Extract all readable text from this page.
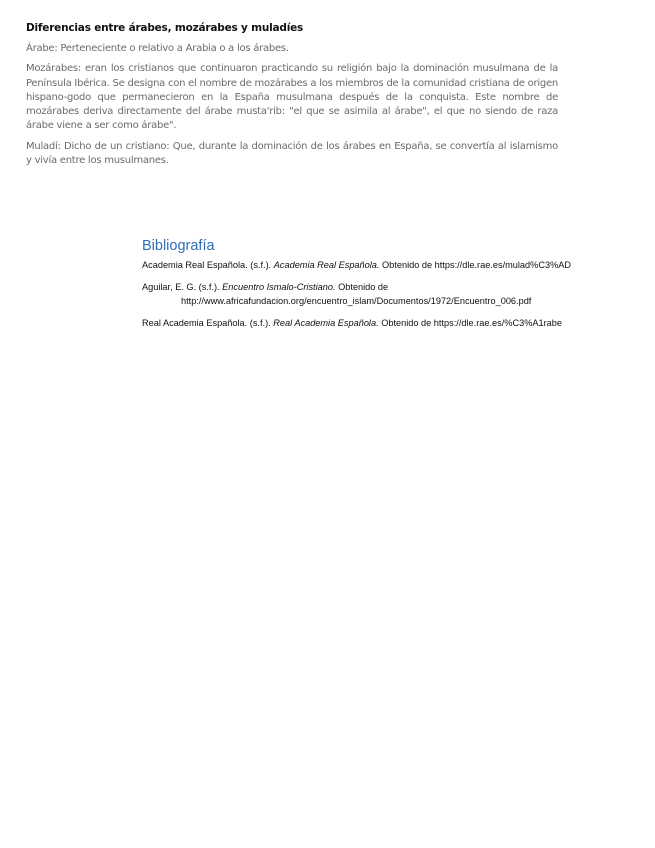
Diferencias entre árabes, mozárabes y muladíes

Árabe: Perteneciente o relativo a Arabia o a los árabes.

Mozárabes: eran los cristianos que continuaron practicando su religión bajo la dominación musulmana de la Península Ibérica. Se designa con el nombre de mozárabes a los miembros de la comunidad cristiana de origen hispano-godo que permanecieron en la España musulmana después de la conquista. Este nombre de mozárabes deriva directamente del árabe musta'rib: "el que se asimila al árabe", el que no siendo de raza árabe viene a ser como árabe".

Muladí: Dicho de un cristiano: Que, durante la dominación de los árabes en España, se convertía al islamismo y vivía entre los musulmanes.

Bibliografía
Academia Real Española. (s.f.). Academia Real Española. Obtenido de https://dle.rae.es/mulad%C3%AD
Aguilar, E. G. (s.f.). Encuentro Ismalo-Cristiano. Obtenido de
http://www.africafundacion.org/encuentro_islam/Documentos/1972/Encuentro_006.pdf
Real Academia Española. (s.f.). Real Academia Española. Obtenido de https://dle.rae.es/%C3%A1rabe
